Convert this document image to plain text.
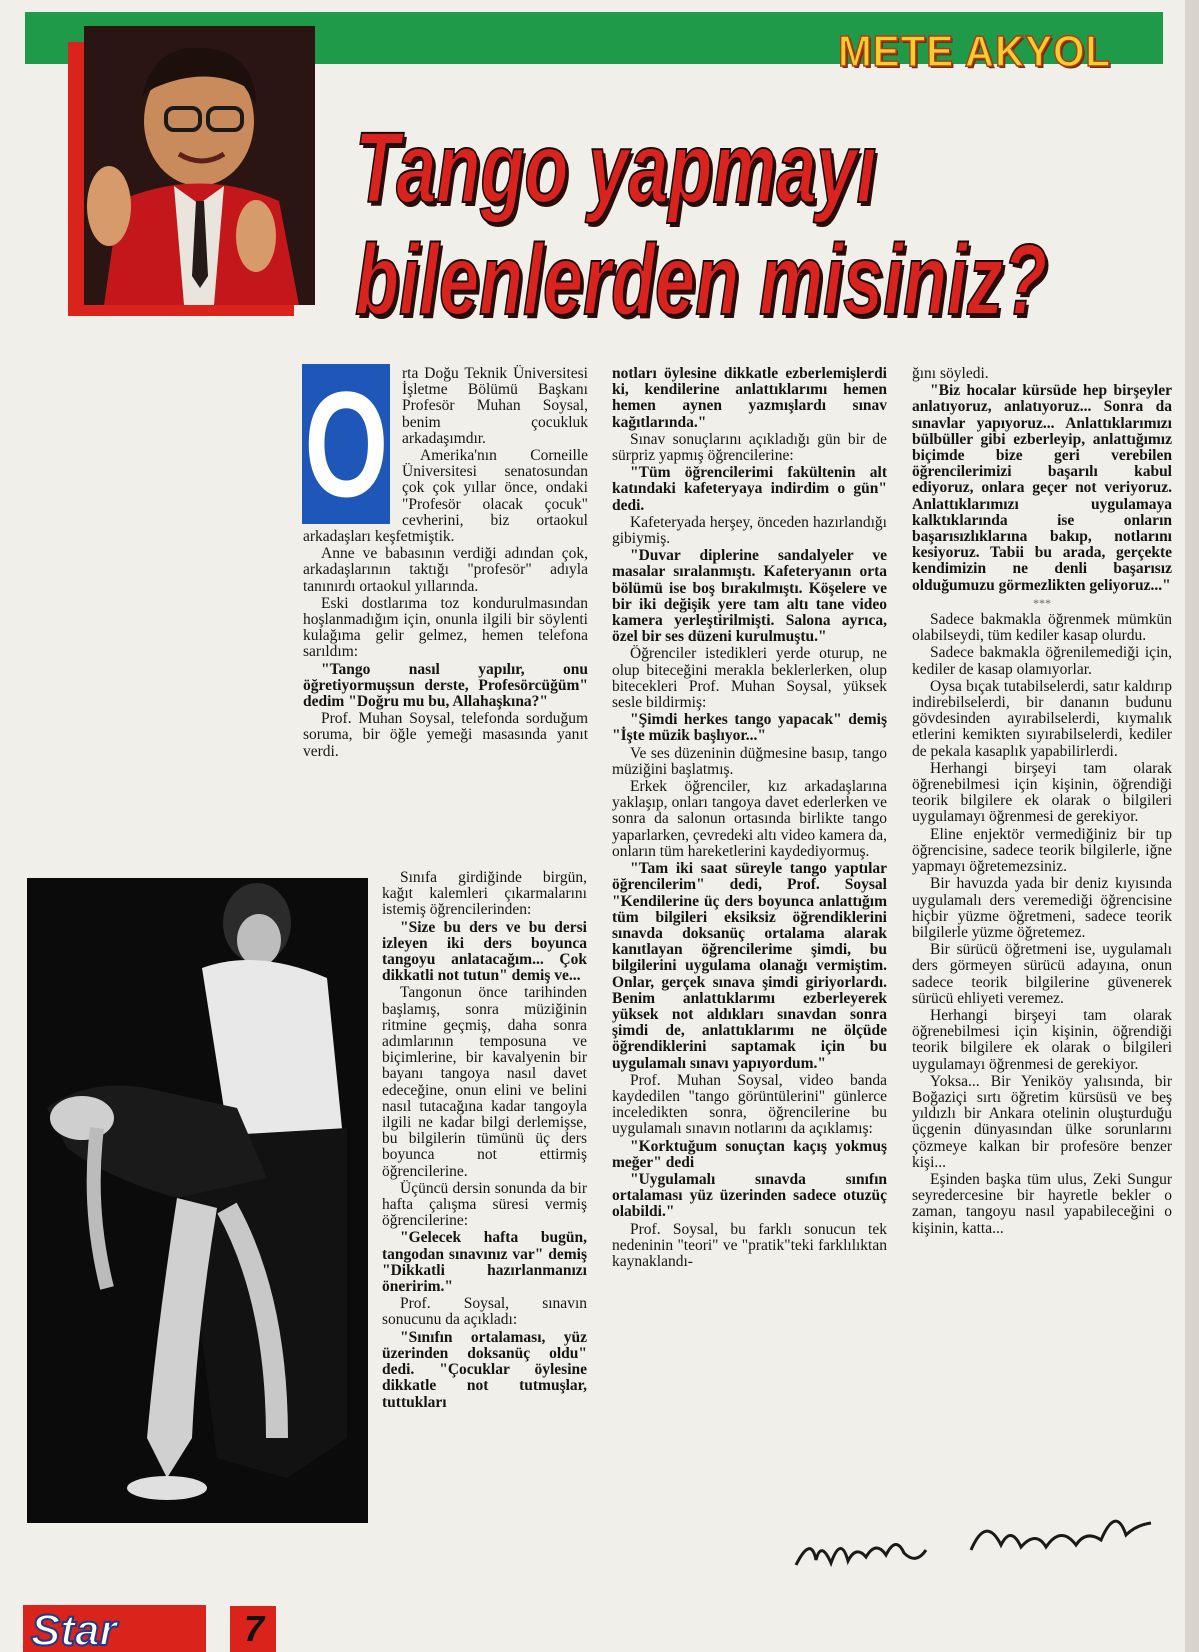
METE AKYOL
Tango yapmayı
bilenlerden misiniz?
O rta Doğu Teknik Üniversitesi İşletme Bölümü Başkanı Profesör Muhan Soysal, benim çocukluk arkadaşımdır.

Amerika'nın Corneille Üniversitesi senatosundan çok çok yıllar önce, ondaki "Profesör olacak çocuk" cevherini, biz ortaokul arkadaşları keşfetmiştik.

Anne ve babasının verdiği adından çok, arkadaşlarının taktığı "profesör" adıyla tanınırdı ortaokul yıllarında.

Eski dostlarıma toz kondurulmasından hoşlanmadığım için, onunla ilgili bir söylenti kulağıma gelir gelmez, hemen telefona sarıldım:

"Tango nasıl yapılır, onu öğretiyormuşsun derste, Profesörcüğüm" dedim "Doğru mu bu, Allahaşkına?"

Prof. Muhan Soysal, telefonda sorduğum soruma, bir öğle yemeği masasında yanıt verdi.

Sınıfa girdiğinde birgün, kağıt kalemleri çıkarmalarını istemiş öğrencilerinden:

"Size bu ders ve bu dersi izleyen iki ders boyunca tangoyu anlatacağım... Çok dikkatli not tutun" demiş ve...

Tangonun önce tarihinden başlamış, sonra müziğinin ritmine geçmiş, daha sonra adımlarının temposuna ve biçimlerine, bir kavalyenin bir bayanı tangoya nasıl davet edeceğine, onun elini ve belini nasıl tutacağına kadar tangoyla ilgili ne kadar bilgi derlemişse, bu bilgilerin tümünü üç ders boyunca not ettirmiş öğrencilerine.

Üçüncü dersin sonunda da bir hafta çalışma süresi vermiş öğrencilerine:

"Gelecek hafta bugün, tangodan sınavınız var" demiş "Dikkatli hazırlanmanızı öneririm."

Prof. Soysal, sınavın sonucunu da açıkladı:

"Sınıfın ortalaması, yüz üzerinden doksanüç oldu" dedi. "Çocuklar öylesine dikkatle not tutmuşlar, tuttukları

notları öylesine dikkatle ezberlemişlerdi ki, kendilerine anlattıklarımı hemen hemen aynen yazmışlardı sınav kağıtlarında."

Sınav sonuçlarını açıkladığı gün bir de sürpriz yapmış öğrencilerine:

"Tüm öğrencilerimi fakültenin alt katındaki kafeteryaya indirdim o gün" dedi.

Kafeteryada herşey, önceden hazırlandığı gibiymiş.

"Duvar diplerine sandalyeler ve masalar sıralanmıştı. Kafeteryanın orta bölümü ise boş bırakılmıştı. Köşelere ve bir iki değişik yere tam altı tane video kamera yerleştirilmişti. Salona ayrıca, özel bir ses düzeni kurulmuştu."

Öğrenciler istedikleri yerde oturup, ne olup biteceğini merakla beklerlerken, olup bitecekleri Prof. Muhan Soysal, yüksek sesle bildirmiş:

"Şimdi herkes tango yapacak" demiş "İşte müzik başlıyor..."

Ve ses düzeninin düğmesine basıp, tango müziğini başlatmış.

Erkek öğrenciler, kız arkadaşlarına yaklaşıp, onları tangoya davet ederlerken ve sonra da salonun ortasında birlikte tango yaparlarken, çevredeki altı video kamera da, onların tüm hareketlerini kaydediyormuş.

"Tam iki saat süreyle tango yaptılar öğrencilerim" dedi, Prof. Soysal "Kendilerine üç ders boyunca anlattığım tüm bilgileri eksiksiz öğrendiklerini sınavda doksanüç ortalama alarak kanıtlayan öğrencilerime şimdi, bu bilgilerini uygulama olanağı vermiştim. Onlar, gerçek sınava şimdi giriyorlardı. Benim anlattıklarımı ezberleyerek yüksek not aldıkları sınavdan sonra şimdi de, anlattıklarımı ne ölçüde öğrendiklerini saptamak için bu uygulamalı sınavı yapıyordum."

Prof. Muhan Soysal, video banda kaydedilen "tango görüntülerini" günlerce inceledikten sonra, öğrencilerine bu uygulamalı sınavın notlarını da açıklamış:

"Korktuğum sonuçtan kaçış yokmuş meğer" dedi

"Uygulamalı sınavda sınıfın ortalaması yüz üzerinden sadece otuzüç olabildi."

Prof. Soysal, bu farklı sonucun tek nedeninin "teori" ve "pratik"teki farklılıktan kaynaklandı-

ğını söyledi.

"Biz hocalar kürsüde hep birşeyler anlatıyoruz, anlatıyoruz... Sonra da sınavlar yapıyoruz... Anlattıklarımızı bülbüller gibi ezberleyip, anlattığımız biçimde bize geri verebilen öğrencilerimizi başarılı kabul ediyoruz, onlara geçer not veriyoruz. Anlattıklarımızı uygulamaya kalktıklarında ise onların başarısızlıklarına bakıp, notlarını kesiyoruz. Tabii bu arada, gerçekte kendimizin ne denli başarısız olduğumuzu görmezlikten geliyoruz..."

***

Sadece bakmakla öğrenmek mümkün olabilseydi, tüm kediler kasap olurdu.

Sadece bakmakla öğrenilemediği için, kediler de kasap olamıyorlar.

Oysa bıçak tutabilselerdi, satır kaldırıp indirebilselerdi, bir dananın budunu gövdesinden ayırabilselerdi, kıymalık etlerini kemikten sıyırabilselerdi, kediler de pekala kasaplık yapabilirlerdi.

Herhangi birşeyi tam olarak öğrenebilmesi için kişinin, öğrendiği teorik bilgilere ek olarak o bilgileri uygulamayı öğrenmesi de gerekiyor.

Eline enjektör vermediğiniz bir tıp öğrencisine, sadece teorik bilgilerle, iğne yapmayı öğretemezsiniz.

Bir havuzda yada bir deniz kıyısında uygulamalı ders veremediği öğrencisine hiçbir yüzme öğretmeni, sadece teorik bilgilerle yüzme öğretemez.

Bir sürücü öğretmeni ise, uygulamalı ders görmeyen sürücü adayına, onun sadece teorik bilgilerine güvenerek sürücü ehliyeti veremez.

Herhangi birşeyi tam olarak öğrenebilmesi için kişinin, öğrendiği teorik bilgilere ek olarak o bilgileri uygulamayı öğrenmesi de gerekiyor.

Yoksa... Bir Yeniköy yalısında, bir Boğaziçi sırtı öğretim kürsüsü ve beş yıldızlı bir Ankara otelinin oluşturduğu üçgenin dünyasından ülke sorunlarını çözmeye kalkan bir profesöre benzer kişi...

Eşinden başka tüm ulus, Zeki Sungur seyredercesine bir hayretle bekler o zaman, tangoyu nasıl yapabileceğini o kişinin, katta...

Star	7
